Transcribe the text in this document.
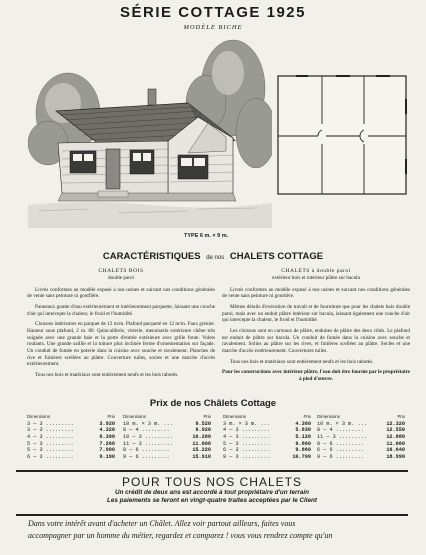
SÉRIE COTTAGE 1925
MODÈLE BICHE
TYPE 6 m. × 9 m.
CARACTÉRISTIQUES de nos CHALETS COTTAGE
CHALETS BOIS
double paroi

Livrés conformes au modèle exposé à nos usines et suivant nos conditions générales de vente sans peinture ni goutfière.

Panneaux goutte d'eau extérieurement et intérieurement parquette, laissant une couche d'air qui intercepte la chaleur, le froid et l'humidité.

Cloisons intérieures en parquet de 12 m/m. Plafond parqueté en 12 m/m. Faux grenier. Hauteur sous plafond, 2 m. 80. Quincaillerie, vitrerie, menuiserie extérieure chêne très soignée avec une grande baie et la porte d'entrée extérieure avec grille fonte. Volets roulants. Une grande saillie et la toiture plus inclinée ferme d'ornementation sur façade. Un conduit de fumée en poterie dans la cuisine avec souche et ravalement. Planches de rive et fuitières scellées au plâtre. Couverture tuiles, socles et une marche d'accès extérieurement.

Tous nos bois et matériaux sont entièrement neufs et les bois rabotés.

CHALETS à double paroi
extérieur bois et intérieur plâtre sur bacula

Livrés conformes au modèle exposé à nos usines et suivant nos conditions générales de vente sans peinture ni gouttière.

Mêmes détails d'exécution de travail et de fourniture que pour les chalets bois double paroi, mais avec un enduit plâtre intérieur sur bacula, laissant également une couche d'air qui intercepte la chaleur, le froid et l'humidité.

Les cloisons sont en carreaux de plâtre, enduites de plâtre des deux côtés. Le plafond est enduit de plâtre sur bacula. Un conduit de fumée dans la cuisine avec souche et ravalement. Solins au plâtre sur les rives, et fuitières scellées au plâtre. Socles et une marche d'accès extérieurement. Couvertures tuiles.

Tous nos bois et matériaux sont entièrement neufs et les bois rabotés.

Pour les constructions avec intérieur plâtre, l'eau doit être fournie par le propriétaire à pied d'œuvre.

Prix de nos Châlets Cottage
Dimensions	Prix
3 — 3 .........	3.920
3 — 3 .........	4.320
4 — 3 .........	6.390
5 — 3 .........	7.260
5 — 3 .........	7.900
6 — 3 .........	9.190
Dimensions	Prix
10 m. × 3 m. ...	9.520
8 — 4 .........	9.920
10 — 3 .........	10.280
11 — 3 .........	11.000
8 — 6 .........	15.220
9 — 6 .........	15.910
Dimensions	Prix
3 m. × 3 m. ...	4.360
4 — 3 .........	5.830
4 — 3 .........	5.120
5 — 3 .........	9.860
6 — 3 .........	9.860
9 — 3 .........	10.700
Dimensions	Prix
10 m. × 3 m. ...	12.320
8 — 4 .........	12.550
11 — 3 .........	12.880
8 — 6 .........	11.060
6 — 6 .........	16.640
9 — 6 .........	18.990
POUR TOUS NOS CHALETS
Un crédit de deux ans est accordé à tout propriétaire d'un terrain
Les paiements se feront en vingt-quatre traites acceptées par le Client
Dans votre intérêt avant d'acheter un Châlet. Allez voir partout ailleurs, faites vous
accompagner par un homme du métier, regardez et comparez ! vous vous rendrez compte qu'un
